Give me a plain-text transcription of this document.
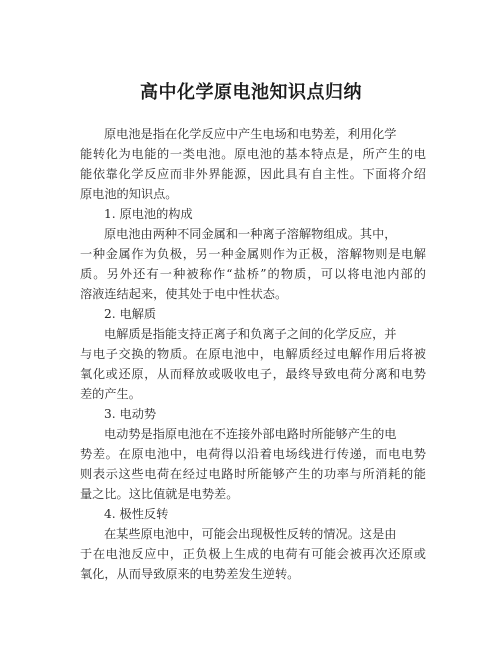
高中化学原电池知识点归纳
原电池是指在化学反应中产生电场和电势差，利用化学
能转化为电能的一类电池。原电池的基本特点是，所产生的电
能依靠化学反应而非外界能源，因此具有自主性。下面将介绍
原电池的知识点。
1. 原电池的构成
原电池由两种不同金属和一种离子溶解物组成。其中，
一种金属作为负极，另一种金属则作为正极，溶解物则是电解
质。另外还有一种被称作“盐桥”的物质，可以将电池内部的
溶液连结起来，使其处于电中性状态。
2. 电解质
电解质是指能支持正离子和负离子之间的化学反应，并
与电子交换的物质。在原电池中，电解质经过电解作用后将被
氧化或还原，从而释放或吸收电子，最终导致电荷分离和电势
差的产生。
3. 电动势
电动势是指原电池在不连接外部电路时所能够产生的电
势差。在原电池中，电荷得以沿着电场线进行传递，而电电势
则表示这些电荷在经过电路时所能够产生的功率与所消耗的能
量之比。这比值就是电势差。
4. 极性反转
在某些原电池中，可能会出现极性反转的情况。这是由
于在电池反应中，正负极上生成的电荷有可能会被再次还原或
氧化，从而导致原来的电势差发生逆转。
